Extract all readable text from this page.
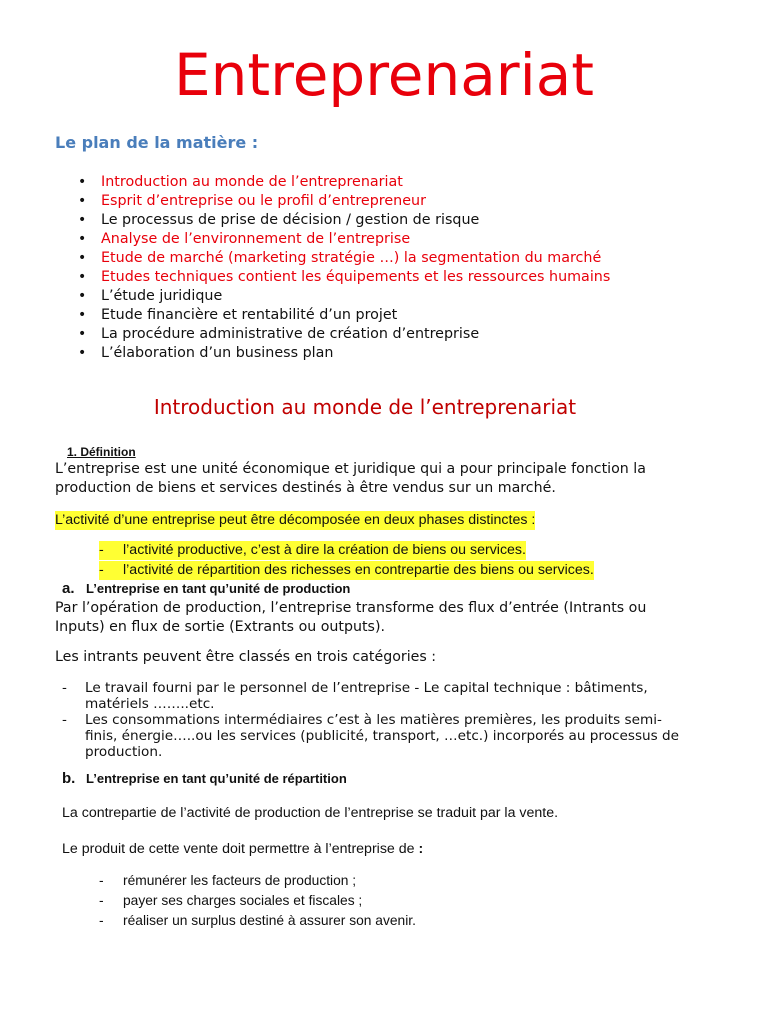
Entreprenariat
Le plan de la matière :
• Introduction au monde de l’entreprenariat
• Esprit d’entreprise ou le profil d’entrepreneur
• Le processus de prise de décision / gestion de risque
• Analyse de l’environnement de l’entreprise
• Etude de marché (marketing stratégie …) la segmentation du marché
• Etudes techniques contient les équipements et les ressources humains
• L’étude juridique
• Etude financière et rentabilité d’un projet
• La procédure administrative de création d’entreprise
• L’élaboration d’un business plan
Introduction au monde de l’entreprenariat
1. Définition
L’entreprise est une unité économique et juridique qui a pour principale fonction la production de biens et services destinés à être vendus sur un marché.
L’activité d’une entreprise peut être décomposée en deux phases distinctes :
- l’activité productive, c’est à dire la création de biens ou services.
- l’activité de répartition des richesses en contrepartie des biens ou services.
a. L’entreprise en tant qu’unité de production
Par l’opération de production, l’entreprise transforme des flux d’entrée (Intrants ou Inputs) en flux de sortie (Extrants ou outputs).
Les intrants peuvent être classés en trois catégories :
- Le travail fourni par le personnel de l’entreprise - Le capital technique : bâtiments, matériels ……..etc.
- Les consommations intermédiaires c’est à les matières premières, les produits semi-finis, énergie…..ou les services (publicité, transport, …etc.) incorporés au processus de production.
b. L’entreprise en tant qu’unité de répartition
La contrepartie de l’activité de production de l’entreprise se traduit par la vente.
Le produit de cette vente doit permettre à l’entreprise de :
- rémunérer les facteurs de production ;
- payer ses charges sociales et fiscales ;
- réaliser un surplus destiné à assurer son avenir.
